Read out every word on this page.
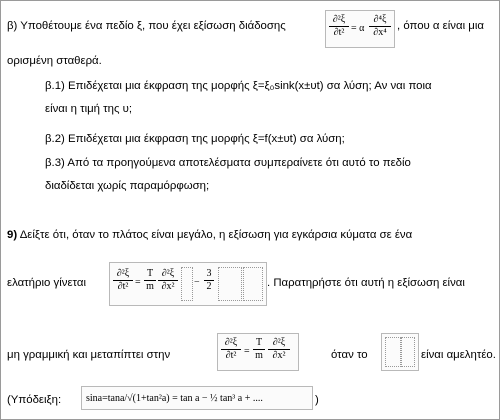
β) Υποθέτουμε ένα πεδίο ξ, που έχει εξίσωση διάδοσης	$\frac{\text{∂²ξ}}{\text{∂t²}} = \alpha \frac{\text{∂⁴ξ}}{\text{∂x⁴}}$ , όπου α είναι μια
ορισμένη σταθερά.
β.1) Επιδέχεται μια έκφραση της μορφής ξ=ξ₀sink(x±υt) σα λύση; Αν ναι ποια
είναι η τιμή της υ;
β.2) Επιδέχεται μια έκφραση της μορφής ξ=f(x±υt) σα λύση;
β.3) Από τα προηγούμενα αποτελέσματα συμπεραίνετε ότι αυτό το πεδίο
διαδίδεται χωρίς παραμόρφωση;
9) Δείξτε ότι, όταν το πλάτος είναι μεγάλο, η εξίσωση για εγκάρσια κύματα σε ένα
ελατήριο γίνεται	$\frac{\text{∂²ξ}}{\text{∂t²}} = \frac{T}{m} \frac{\text{∂²ξ}}{\text{∂x²}} - \frac{3}{2}$	. Παρατηρήστε ότι αυτή η εξίσωση είναι
μη γραμμική και μεταπίπτει στην	$\frac{\text{∂²ξ}}{\text{∂t²}} = \frac{T}{m} \frac{\text{∂²ξ}}{\text{∂x²}}$	όταν το	είναι αμελητέο.
(Υπόδειξη:	sina=tana/√(1+tan²a) = tan a − ½ tan³ a + ....	)
